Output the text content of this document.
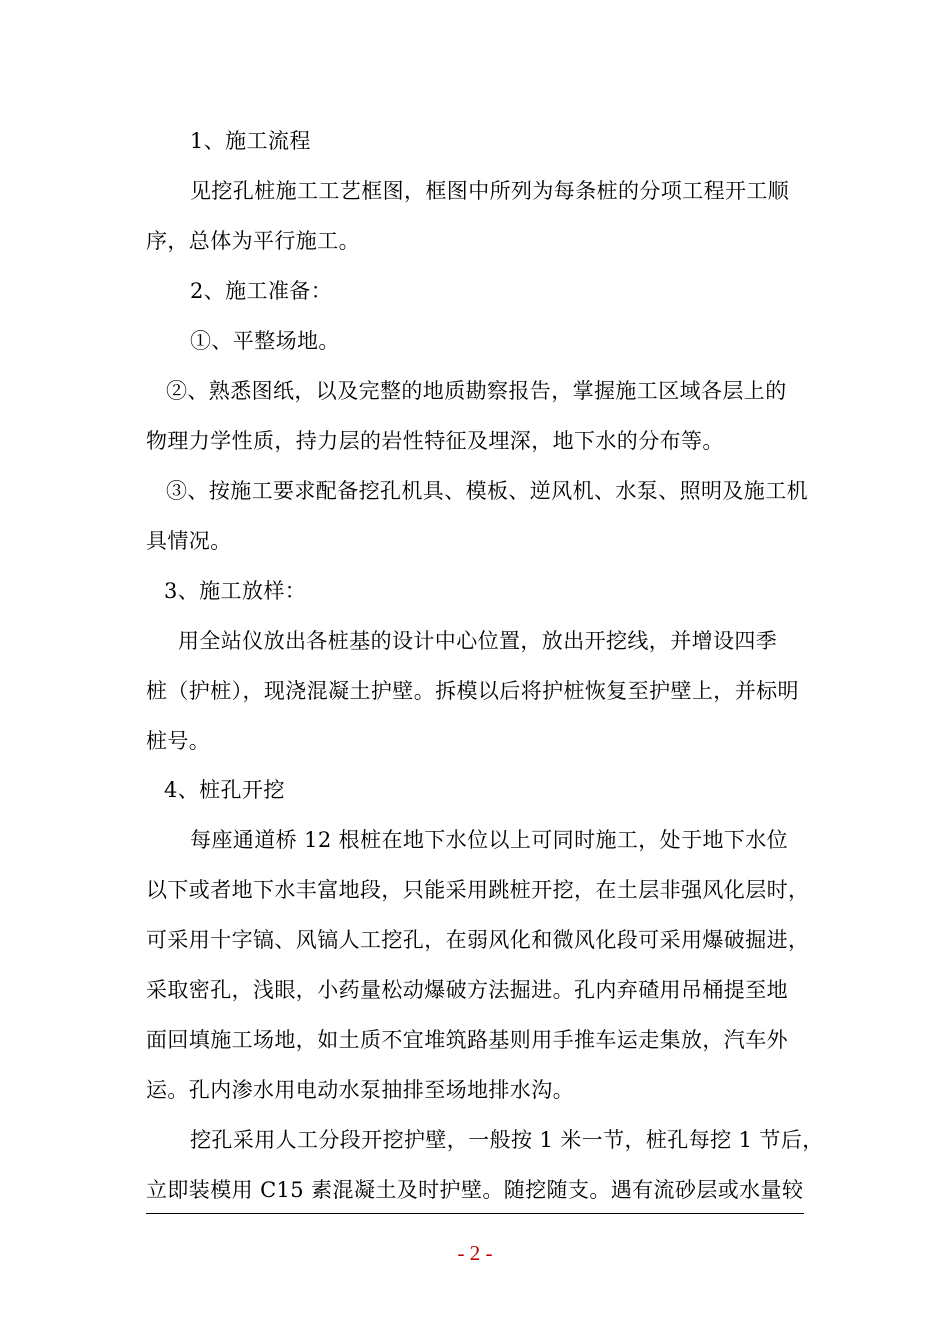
1、施工流程
见挖孔桩施工工艺框图，框图中所列为每条桩的分项工程开工顺
序，总体为平行施工。
2、施工准备：
①、平整场地。
②、熟悉图纸，以及完整的地质勘察报告，掌握施工区域各层上的
物理力学性质，持力层的岩性特征及埋深，地下水的分布等。
③、按施工要求配备挖孔机具、模板、逆风机、水泵、照明及施工机
具情况。
3、施工放样：
用全站仪放出各桩基的设计中心位置，放出开挖线，并增设四季
桩（护桩），现浇混凝土护壁。拆模以后将护桩恢复至护壁上，并标明
桩号。
4、桩孔开挖
每座通道桥 12 根桩在地下水位以上可同时施工，处于地下水位
以下或者地下水丰富地段，只能采用跳桩开挖，在土层非强风化层时，
可采用十字镐、风镐人工挖孔，在弱风化和微风化段可采用爆破掘进，
采取密孔，浅眼，小药量松动爆破方法掘进。孔内弃碴用吊桶提至地
面回填施工场地，如土质不宜堆筑路基则用手推车运走集放，汽车外
运。孔内渗水用电动水泵抽排至场地排水沟。
挖孔采用人工分段开挖护壁，一般按 1 米一节，桩孔每挖 1 节后，
立即装模用 C15 素混凝土及时护壁。随挖随支。遇有流砂层或水量较
- 2 -
